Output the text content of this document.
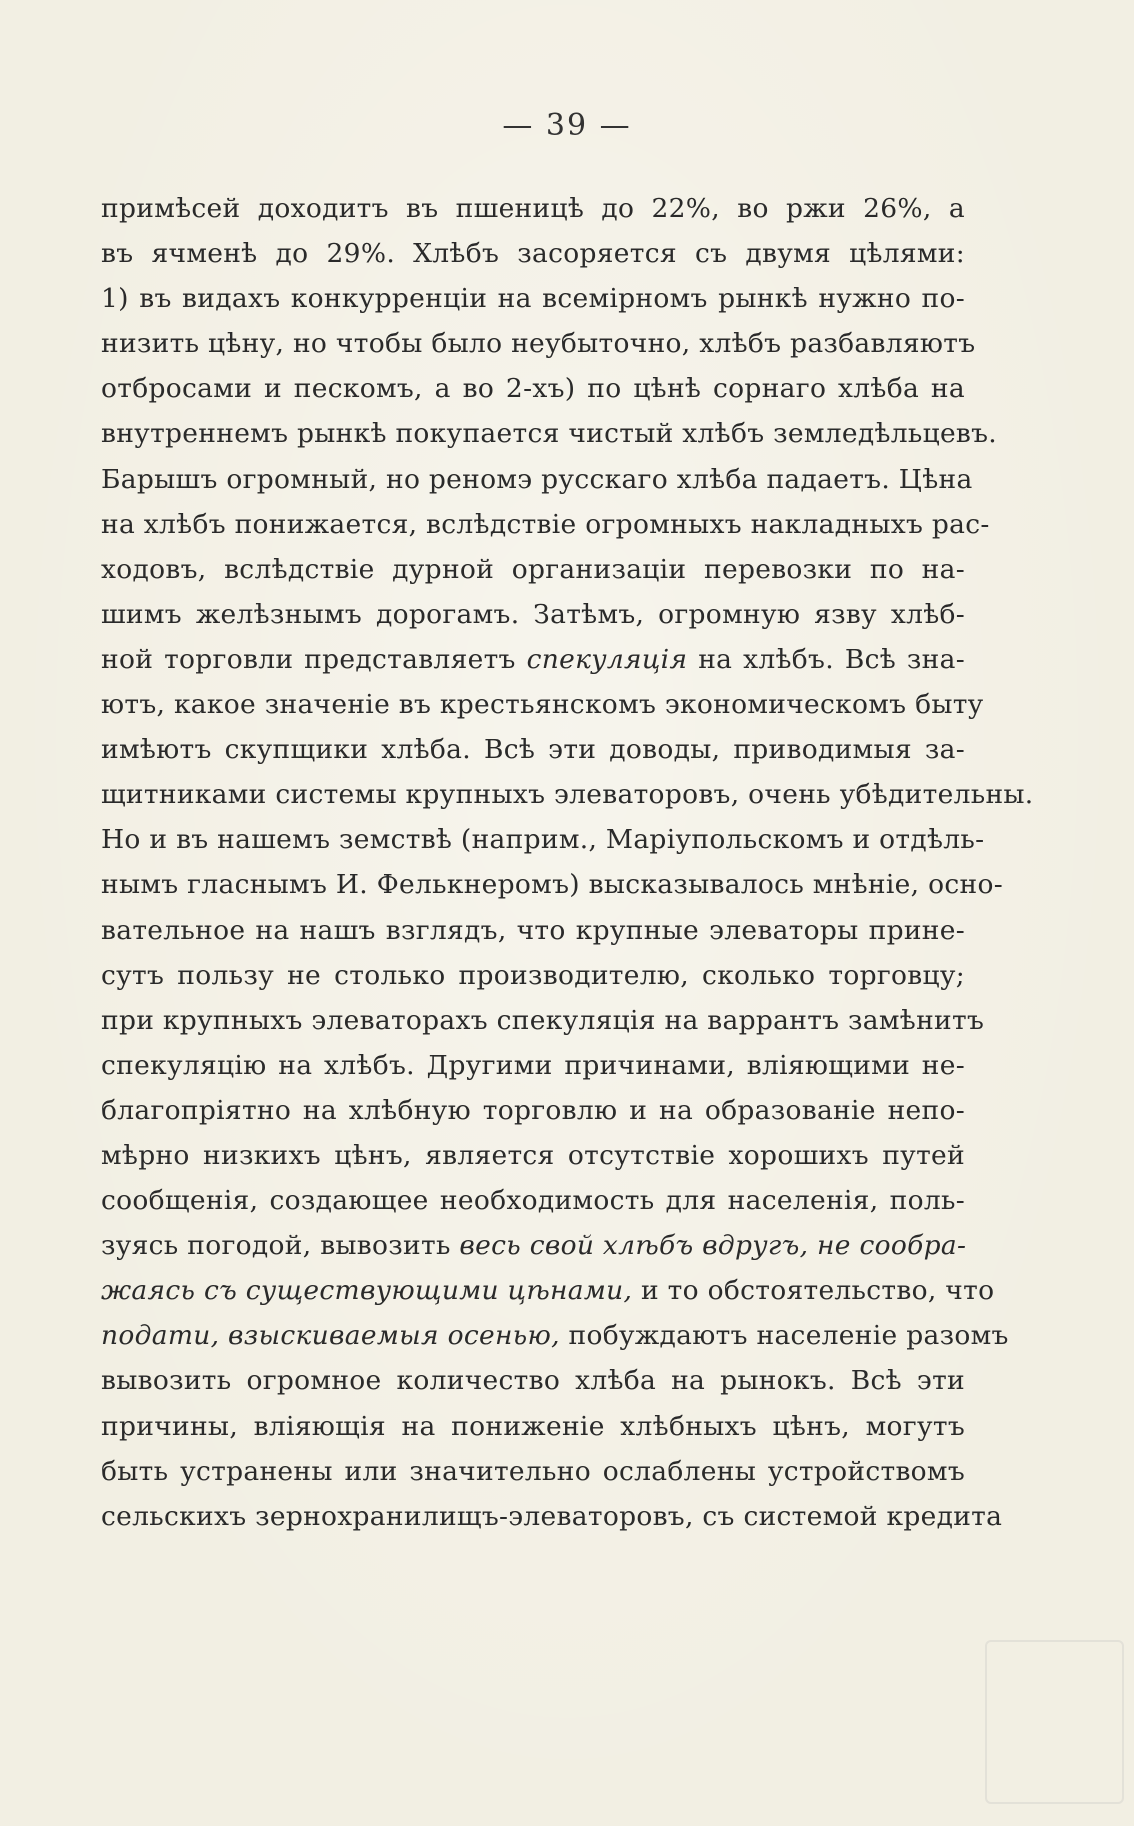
— 39 —
примѣсей доходитъ въ пшеницѣ до 22%, во ржи 26%, а
въ ячменѣ до 29%. Хлѣбъ засоряется съ двумя цѣлями:
1) въ видахъ конкурренціи на всемірномъ рынкѣ нужно по-
низить цѣну, но чтобы было неубыточно, хлѣбъ разбавляютъ
отбросами и пескомъ, а во 2-хъ) по цѣнѣ сорнаго хлѣба на
внутреннемъ рынкѣ покупается чистый хлѣбъ земледѣльцевъ.
Барышъ огромный, но реномэ русскаго хлѣба падаетъ. Цѣна
на хлѣбъ понижается, вслѣдствіе огромныхъ накладныхъ рас-
ходовъ, вслѣдствіе дурной организаціи перевозки по на-
шимъ желѣзнымъ дорогамъ. Затѣмъ, огромную язву хлѣб-
ной торговли представляетъ спекуляція на хлѣбъ. Всѣ зна-
ютъ, какое значеніе въ крестьянскомъ экономическомъ быту
имѣютъ скупщики хлѣба. Всѣ эти доводы, приводимыя за-
щитниками системы крупныхъ элеваторовъ, очень убѣдительны.
Но и въ нашемъ земствѣ (наприм., Маріупольскомъ и отдѣль-
нымъ гласнымъ И. Фелькнеромъ) высказывалось мнѣніе, осно-
вательное на нашъ взглядъ, что крупные элеваторы прине-
сутъ пользу не столько производителю, сколько торговцу;
при крупныхъ элеваторахъ спекуляція на варрантъ замѣнитъ
спекуляцію на хлѣбъ. Другими причинами, вліяющими не-
благопріятно на хлѣбную торговлю и на образованіе непо-
мѣрно низкихъ цѣнъ, является отсутствіе хорошихъ путей
сообщенія, создающее необходимость для населенія, поль-
зуясь погодой, вывозить весь свой хлѣбъ вдругъ, не сообра-
жаясь съ существующими цѣнами, и то обстоятельство, что
подати, взыскиваемыя осенью, побуждаютъ населеніе разомъ
вывозить огромное количество хлѣба на рынокъ. Всѣ эти
причины, вліяющія на пониженіе хлѣбныхъ цѣнъ, могутъ
быть устранены или значительно ослаблены устройствомъ
сельскихъ зернохранилищъ-элеваторовъ, съ системой кредита
